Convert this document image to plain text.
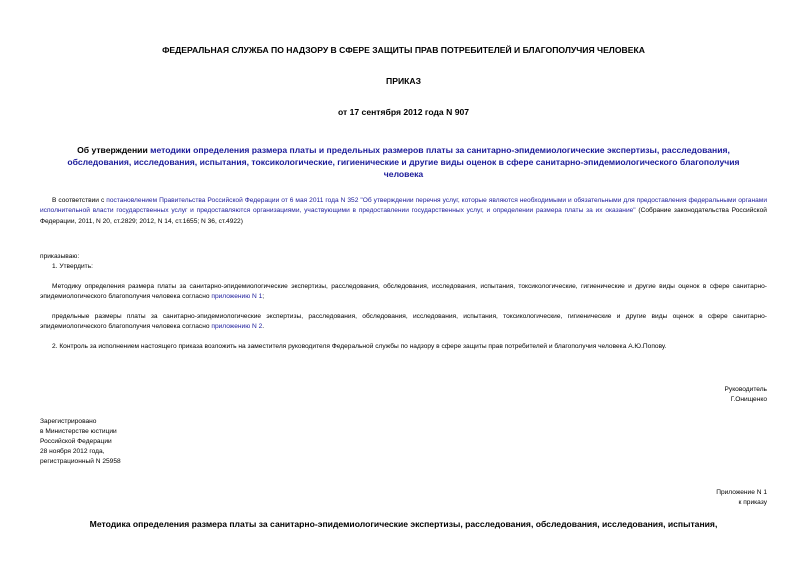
ФЕДЕРАЛЬНАЯ СЛУЖБА ПО НАДЗОРУ В СФЕРЕ ЗАЩИТЫ ПРАВ ПОТРЕБИТЕЛЕЙ И БЛАГОПОЛУЧИЯ ЧЕЛОВЕКА
ПРИКАЗ
от 17 сентября 2012 года N 907
Об утверждении методики определения размера платы и предельных размеров платы за санитарно-эпидемиологические экспертизы, расследования, обследования, исследования, испытания, токсикологические, гигиенические и другие виды оценок в сфере санитарно-эпидемиологического благополучия человека
В соответствии с постановлением Правительства Российской Федерации от 6 мая 2011 года N 352 "Об утверждении перечня услуг, которые являются необходимыми и обязательными для предоставления федеральными органами исполнительной власти государственных услуг и предоставляются организациями, участвующими в предоставлении государственных услуг, и определении размера платы за их оказание" (Собрание законодательства Российской Федерации, 2011, N 20, ст.2829; 2012, N 14, ст.1655; N 36, ст.4922)
приказываю:
1. Утвердить:
Методику определения размера платы за санитарно-эпидемиологические экспертизы, расследования, обследования, исследования, испытания, токсикологические, гигиенические и другие виды оценок в сфере санитарно-эпидемиологического благополучия человека согласно приложению N 1;
предельные размеры платы за санитарно-эпидемиологические экспертизы, расследования, обследования, исследования, испытания, токсикологические, гигиенические и другие виды оценок в сфере санитарно-эпидемиологического благополучия человека согласно приложению N 2.
2. Контроль за исполнением настоящего приказа возложить на заместителя руководителя Федеральной службы по надзору в сфере защиты прав потребителей и благополучия человека А.Ю.Попову.
Руководитель
Г.Онищенко
Зарегистрировано
в Министерстве юстиции
Российской Федерации
28 ноября 2012 года,
регистрационный N 25958
Приложение N 1
к приказу
Методика определения размера платы за санитарно-эпидемиологические экспертизы, расследования, обследования, исследования, испытания,
